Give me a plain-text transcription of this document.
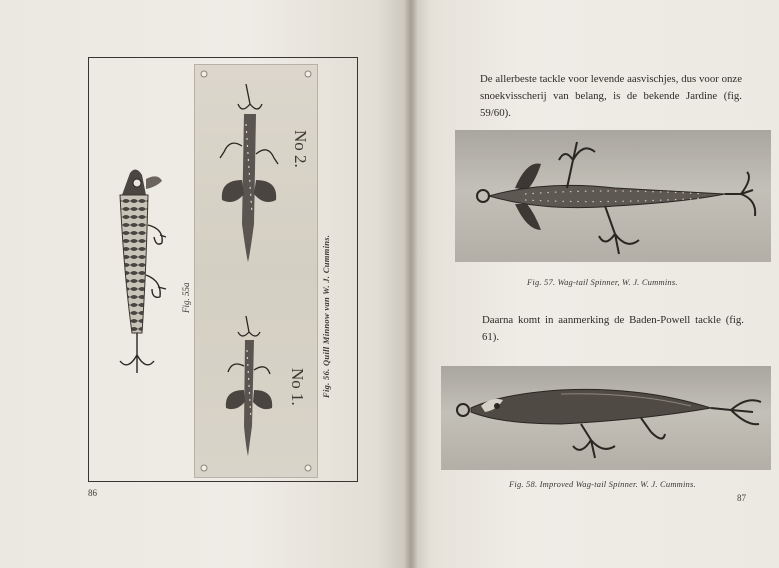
Fig. 55a
No 2.
No 1. Fig. 56. Quill Minnow van W. J. Cummins.
86
De allerbeste tackle voor levende aasvischjes, dus voor onze snoekvisscherij van belang, is de bekende Jardine (fig. 59/60).
Fig. 57. Wag-tail Spinner, W. J. Cummins.
Daarna komt in aanmerking de Baden-Powell tackle (fig. 61).
Fig. 58. Improved Wag-tail Spinner. W. J. Cummins.
87
